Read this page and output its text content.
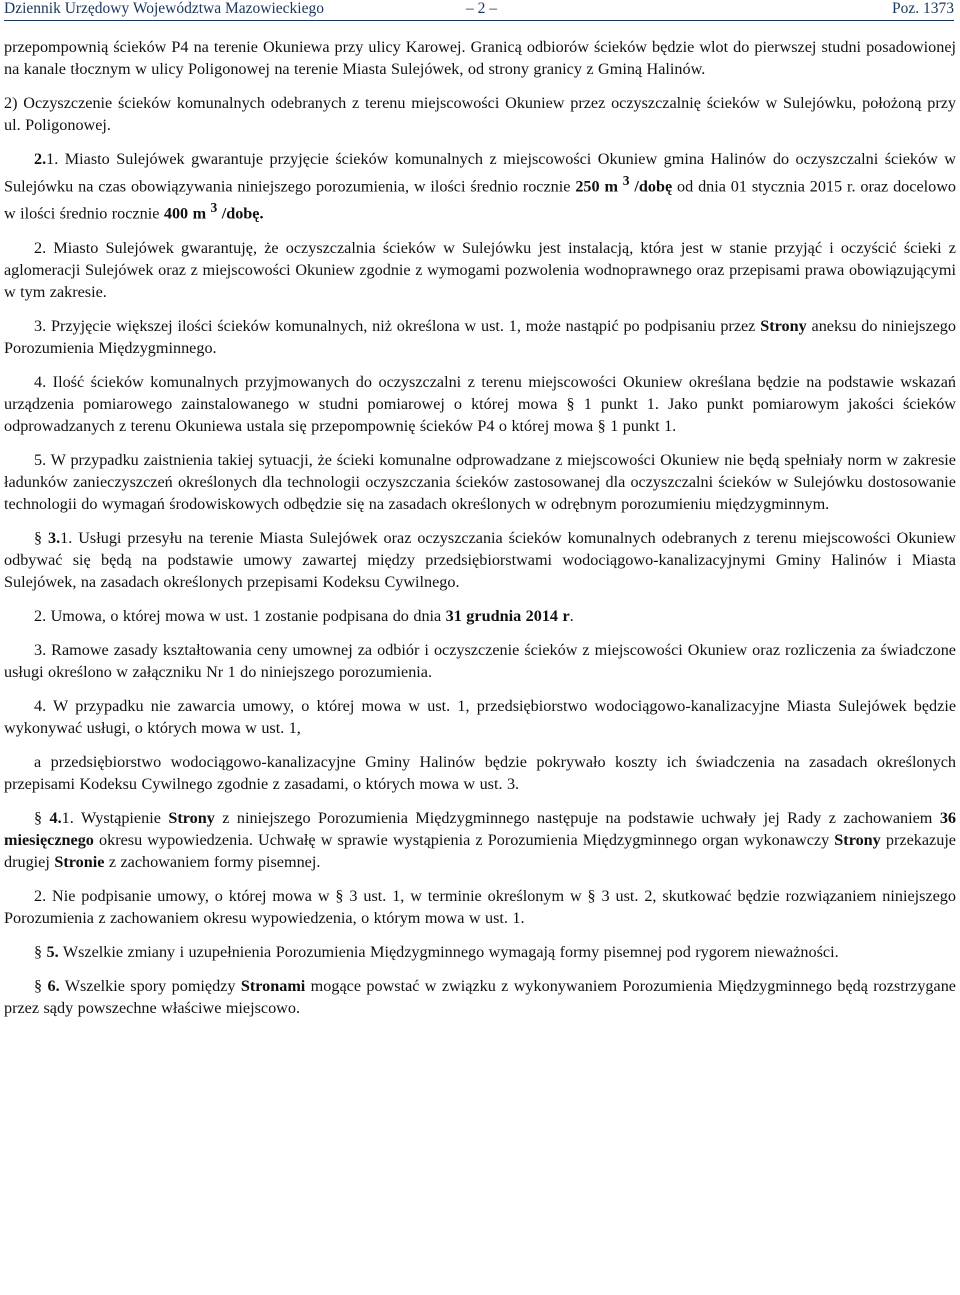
Dziennik Urzędowy Województwa Mazowieckiego	– 2 –	Poz. 1373

przepompownią ścieków P4 na terenie Okuniewa przy ulicy Karowej. Granicą odbiorów ścieków będzie wlot do pierwszej studni posadowionej na kanale tłocznym w ulicy Poligonowej na terenie Miasta Sulejówek, od strony granicy z Gminą Halinów.

2) Oczyszczenie ścieków komunalnych odebranych z terenu miejscowości Okuniew przez oczyszczalnię ścieków w Sulejówku, położoną przy ul. Poligonowej.

2.1. Miasto Sulejówek gwarantuje przyjęcie ścieków komunalnych z miejscowości Okuniew gmina Halinów do oczyszczalni ścieków w Sulejówku na czas obowiązywania niniejszego porozumienia, w ilości średnio rocznie 250 m $^3$ /dobę od dnia 01 stycznia 2015 r. oraz docelowo w ilości średnio rocznie 400 m $^3$ /dobę.

2. Miasto Sulejówek gwarantuję, że oczyszczalnia ścieków w Sulejówku jest instalacją, która jest w stanie przyjąć i oczyścić ścieki z aglomeracji Sulejówek oraz z miejscowości Okuniew zgodnie z wymogami pozwolenia wodnoprawnego oraz przepisami prawa obowiązującymi w tym zakresie.

3. Przyjęcie większej ilości ścieków komunalnych, niż określona w ust. 1, może nastąpić po podpisaniu przez Strony aneksu do niniejszego Porozumienia Międzygminnego.

4. Ilość ścieków komunalnych przyjmowanych do oczyszczalni z terenu miejscowości Okuniew określana będzie na podstawie wskazań urządzenia pomiarowego zainstalowanego w studni pomiarowej o której mowa § 1 punkt 1. Jako punkt pomiarowym jakości ścieków odprowadzanych z terenu Okuniewa ustala się przepompownię ścieków P4 o której mowa § 1 punkt 1.

5. W przypadku zaistnienia takiej sytuacji, że ścieki komunalne odprowadzane z miejscowości Okuniew nie będą spełniały norm w zakresie ładunków zanieczyszczeń określonych dla technologii oczyszczania ścieków zastosowanej dla oczyszczalni ścieków w Sulejówku dostosowanie technologii do wymagań środowiskowych odbędzie się na zasadach określonych w odrębnym porozumieniu międzygminnym.

§ 3.1. Usługi przesyłu na terenie Miasta Sulejówek oraz oczyszczania ścieków komunalnych odebranych z terenu miejscowości Okuniew odbywać się będą na podstawie umowy zawartej między przedsiębiorstwami wodociągowo-kanalizacyjnymi Gminy Halinów i Miasta Sulejówek, na zasadach określonych przepisami Kodeksu Cywilnego.

2. Umowa, o której mowa w ust. 1 zostanie podpisana do dnia 31 grudnia 2014 r.

3. Ramowe zasady kształtowania ceny umownej za odbiór i oczyszczenie ścieków z miejscowości Okuniew oraz rozliczenia za świadczone usługi określono w załączniku Nr 1 do niniejszego porozumienia.

4. W przypadku nie zawarcia umowy, o której mowa w ust. 1, przedsiębiorstwo wodociągowo-kanalizacyjne Miasta Sulejówek będzie wykonywać usługi, o których mowa w ust. 1,

a przedsiębiorstwo wodociągowo-kanalizacyjne Gminy Halinów będzie pokrywało koszty ich świadczenia na zasadach określonych przepisami Kodeksu Cywilnego zgodnie z zasadami, o których mowa w ust. 3.

§ 4.1. Wystąpienie Strony z niniejszego Porozumienia Międzygminnego następuje na podstawie uchwały jej Rady z zachowaniem 36 miesięcznego okresu wypowiedzenia. Uchwałę w sprawie wystąpienia z Porozumienia Międzygminnego organ wykonawczy Strony przekazuje drugiej Stronie z zachowaniem formy pisemnej.

2. Nie podpisanie umowy, o której mowa w § 3 ust. 1, w terminie określonym w § 3 ust. 2, skutkować będzie rozwiązaniem niniejszego Porozumienia z zachowaniem okresu wypowiedzenia, o którym mowa w ust. 1.

§ 5. Wszelkie zmiany i uzupełnienia Porozumienia Międzygminnego wymagają formy pisemnej pod rygorem nieważności.

§ 6. Wszelkie spory pomiędzy Stronami mogące powstać w związku z wykonywaniem Porozumienia Międzygminnego będą rozstrzygane przez sądy powszechne właściwe miejscowo.
